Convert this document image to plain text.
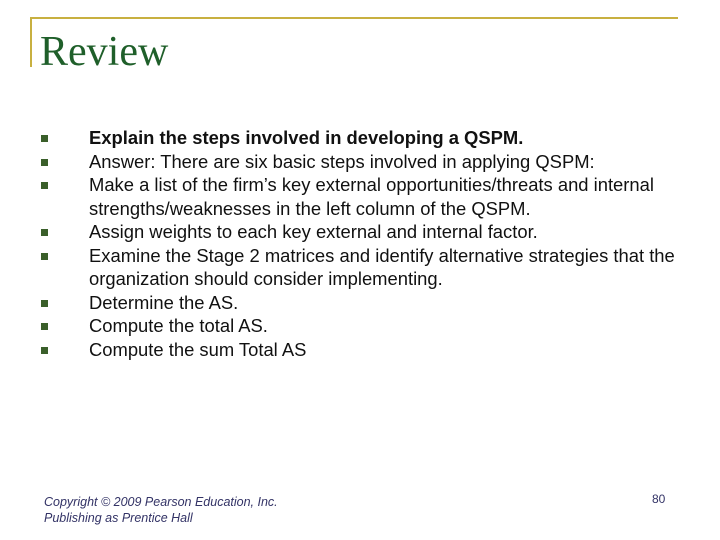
Review
Explain the steps involved in developing a QSPM.
Answer: There are six basic steps involved in applying QSPM:
Make a list of the firm’s key external opportunities/threats and internal strengths/weaknesses in the left column of the QSPM.
Assign weights to each key external and internal factor.
Examine the Stage 2 matrices and identify alternative strategies that the organization should consider implementing.
Determine the AS.
Compute the total AS.
Compute the sum Total AS

Copyright © 2009 Pearson Education, Inc.
Publishing as Prentice Hall

80
